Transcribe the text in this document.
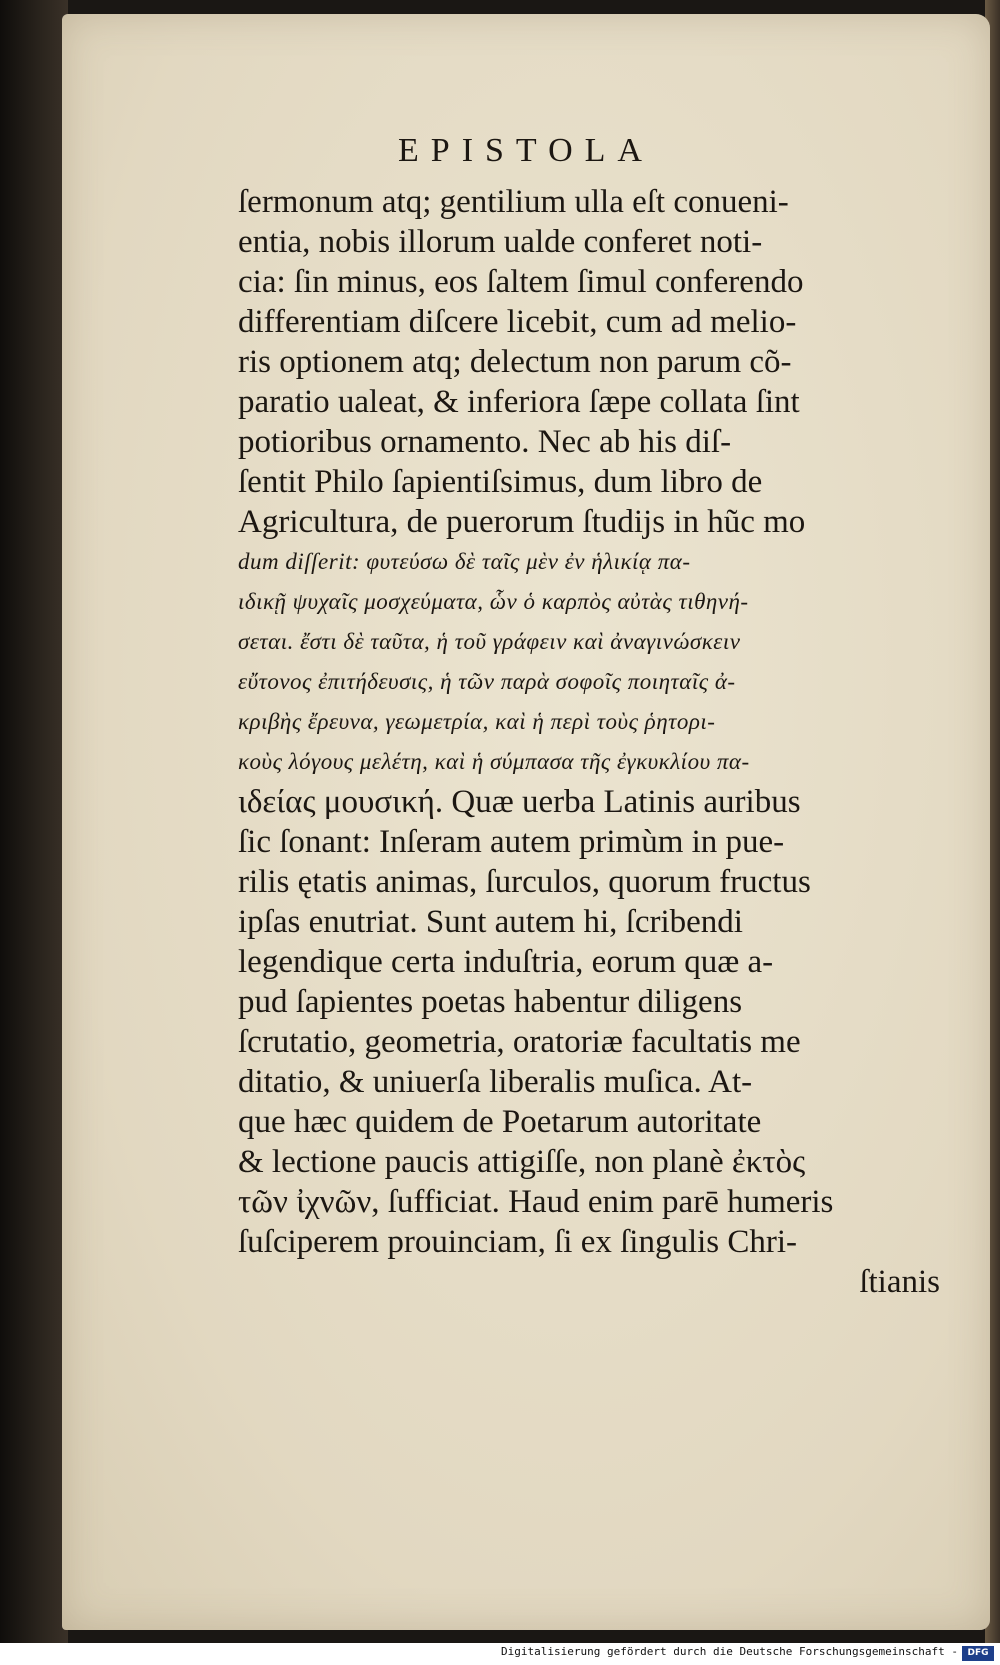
EPISTOLA
ſermonum atq; gentilium ulla eſt conueni-
entia, nobis illorum ualde conferet noti-
cia: ſin minus, eos ſaltem ſimul conferendo
differentiam diſcere licebit, cum ad melio-
ris optionem atq; delectum non parum cõ-
paratio ualeat, & inferiora ſæpe collata ſint
potioribus ornamento. Nec ab his diſ-
ſentit Philo ſapientiſsimus, dum libro de
Agricultura, de puerorum ſtudijs in hũc mo
dum diſſerit: φυτεύσω δὲ ταῖς μὲν ἐν ἡλικίᾳ πα-
ιδικῇ ψυχαῖς μοσχεύματα, ὧν ὁ καρπὸς αὐτὰς τιθηνή-
σεται. ἔστι δὲ ταῦτα, ἡ τοῦ γράφειν καὶ ἀναγινώσκειν
εὔτονος ἐπιτήδευσις, ἡ τῶν παρὰ σοφοῖς ποιηταῖς ἀ-
κριβὴς ἔρευνα, γεωμετρία, καὶ ἡ περὶ τοὺς ῥητορι-
κοὺς λόγους μελέτη, καὶ ἡ σύμπασα τῆς ἐγκυκλίου πα-
ιδείας μουσική. Quæ uerba Latinis auribus
ſic ſonant: Inſeram autem primùm in pue-
rilis ętatis animas, ſurculos, quorum fructus
ipſas enutriat. Sunt autem hi, ſcribendi
legendique certa induſtria, eorum quæ a-
pud ſapientes poetas habentur diligens
ſcrutatio, geometria, oratoriæ facultatis me
ditatio, & uniuerſa liberalis muſica. At-
que hæc quidem de Poetarum autoritate
& lectione paucis attigiſſe, non planè ἐκτὸς
τῶν ἰχνῶν, ſufficiat. Haud enim parē humeris
ſuſciperem prouinciam, ſi ex ſingulis Chri-
ſtianis
Digitalisierung gefördert durch die Deutsche Forschungsgemeinschaft -	DFG
